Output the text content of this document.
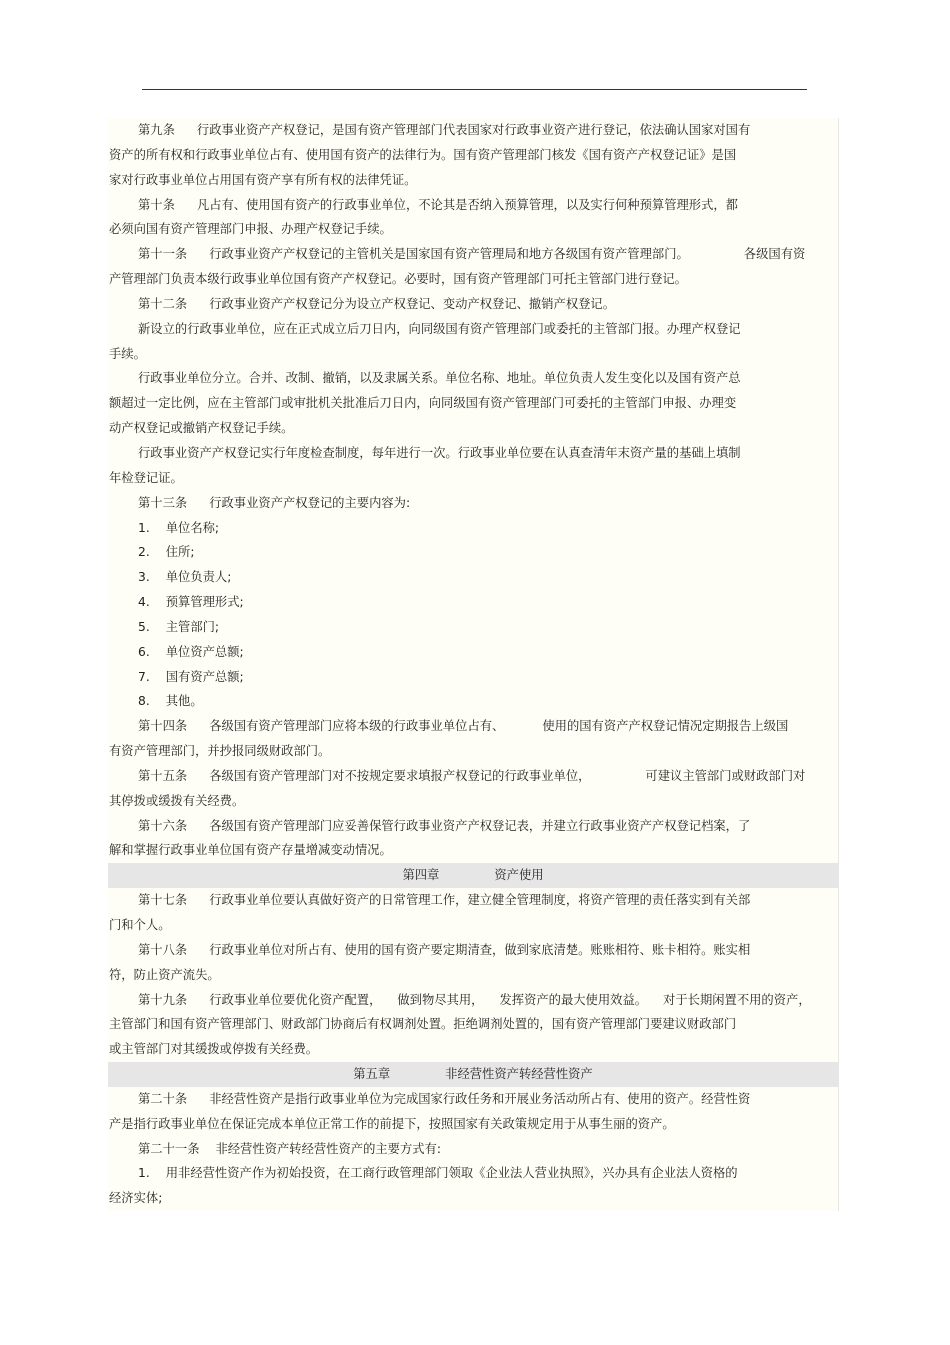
第九条 行政事业资产产权登记，是国有资产管理部门代表国家对行政事业资产进行登记，依法确认国家对国有
资产的所有权和行政事业单位占有、使用国有资产的法律行为。国有资产管理部门核发《国有资产产权登记证》是国
家对行政事业单位占用国有资产享有所有权的法律凭证。
第十条 凡占有、使用国有资产的行政事业单位，不论其是否纳入预算管理，以及实行何种预算管理形式，都
必须向国有资产管理部门申报、办理产权登记手续。
第十一条 行政事业资产产权登记的主管机关是国家国有资产管理局和地方各级国有资产管理部门。	各级国有资
产管理部门负责本级行政事业单位国有资产产权登记。必要时，国有资产管理部门可托主管部门进行登记。
第十二条 行政事业资产产权登记分为设立产权登记、变动产权登记、撤销产权登记。
新设立的行政事业单位，应在正式成立后刀日内，向同级国有资产管理部门或委托的主管部门报。办理产权登记
手续。
行政事业单位分立。合并、改制、撤销，以及隶属关系。单位名称、地址。单位负责人发生变化以及国有资产总
额超过一定比例，应在主管部门或审批机关批准后刀日内，向同级国有资产管理部门可委托的主管部门申报、办理变
动产权登记或撤销产权登记手续。
行政事业资产产权登记实行年度检查制度，每年进行一次。行政事业单位要在认真查清年末资产量的基础上填制
年检登记证。
第十三条 行政事业资产产权登记的主要内容为:
1. 单位名称;
2. 住所;
3. 单位负责人;
4. 预算管理形式;
5. 主管部门;
6. 单位资产总额;
7. 国有资产总额;
8. 其他。
第十四条 各级国有资产管理部门应将本级的行政事业单位占有、	使用的国有资产产权登记情况定期报告上级国
有资产管理部门，并抄报同级财政部门。
第十五条 各级国有资产管理部门对不按规定要求填报产权登记的行政事业单位，	可建议主管部门或财政部门对
其停拨或缓拨有关经费。
第十六条 各级国有资产管理部门应妥善保管行政事业资产产权登记表，并建立行政事业资产产权登记档案，了
解和掌握行政事业单位国有资产存量增减变动情况。
第四章	资产使用
第十七条 行政事业单位要认真做好资产的日常管理工作，建立健全管理制度，将资产管理的责任落实到有关部
门和个人。
第十八条 行政事业单位对所占有、使用的国有资产要定期清查，做到家底清楚。账账相符、账卡相符。账实相
符，防止资产流失。
第十九条 行政事业单位要优化资产配置， 做到物尽其用， 发挥资产的最大使用效益。 对于长期闲置不用的资产，
主管部门和国有资产管理部门、财政部门协商后有权调剂处置。拒绝调剂处置的，国有资产管理部门要建议财政部门
或主管部门对其缓拨或停拨有关经费。
第五章	非经营性资产转经营性资产
第二十条 非经营性资产是指行政事业单位为完成国家行政任务和开展业务活动所占有、使用的资产。经营性资
产是指行政事业单位在保证完成本单位正常工作的前提下，按照国家有关政策规定用于从事生丽的资产。
第二十一条 非经营性资产转经营性资产的主要方式有:
1. 用非经营性资产作为初始投资，在工商行政管理部门领取《企业法人营业执照》，兴办具有企业法人资格的
经济实体;
